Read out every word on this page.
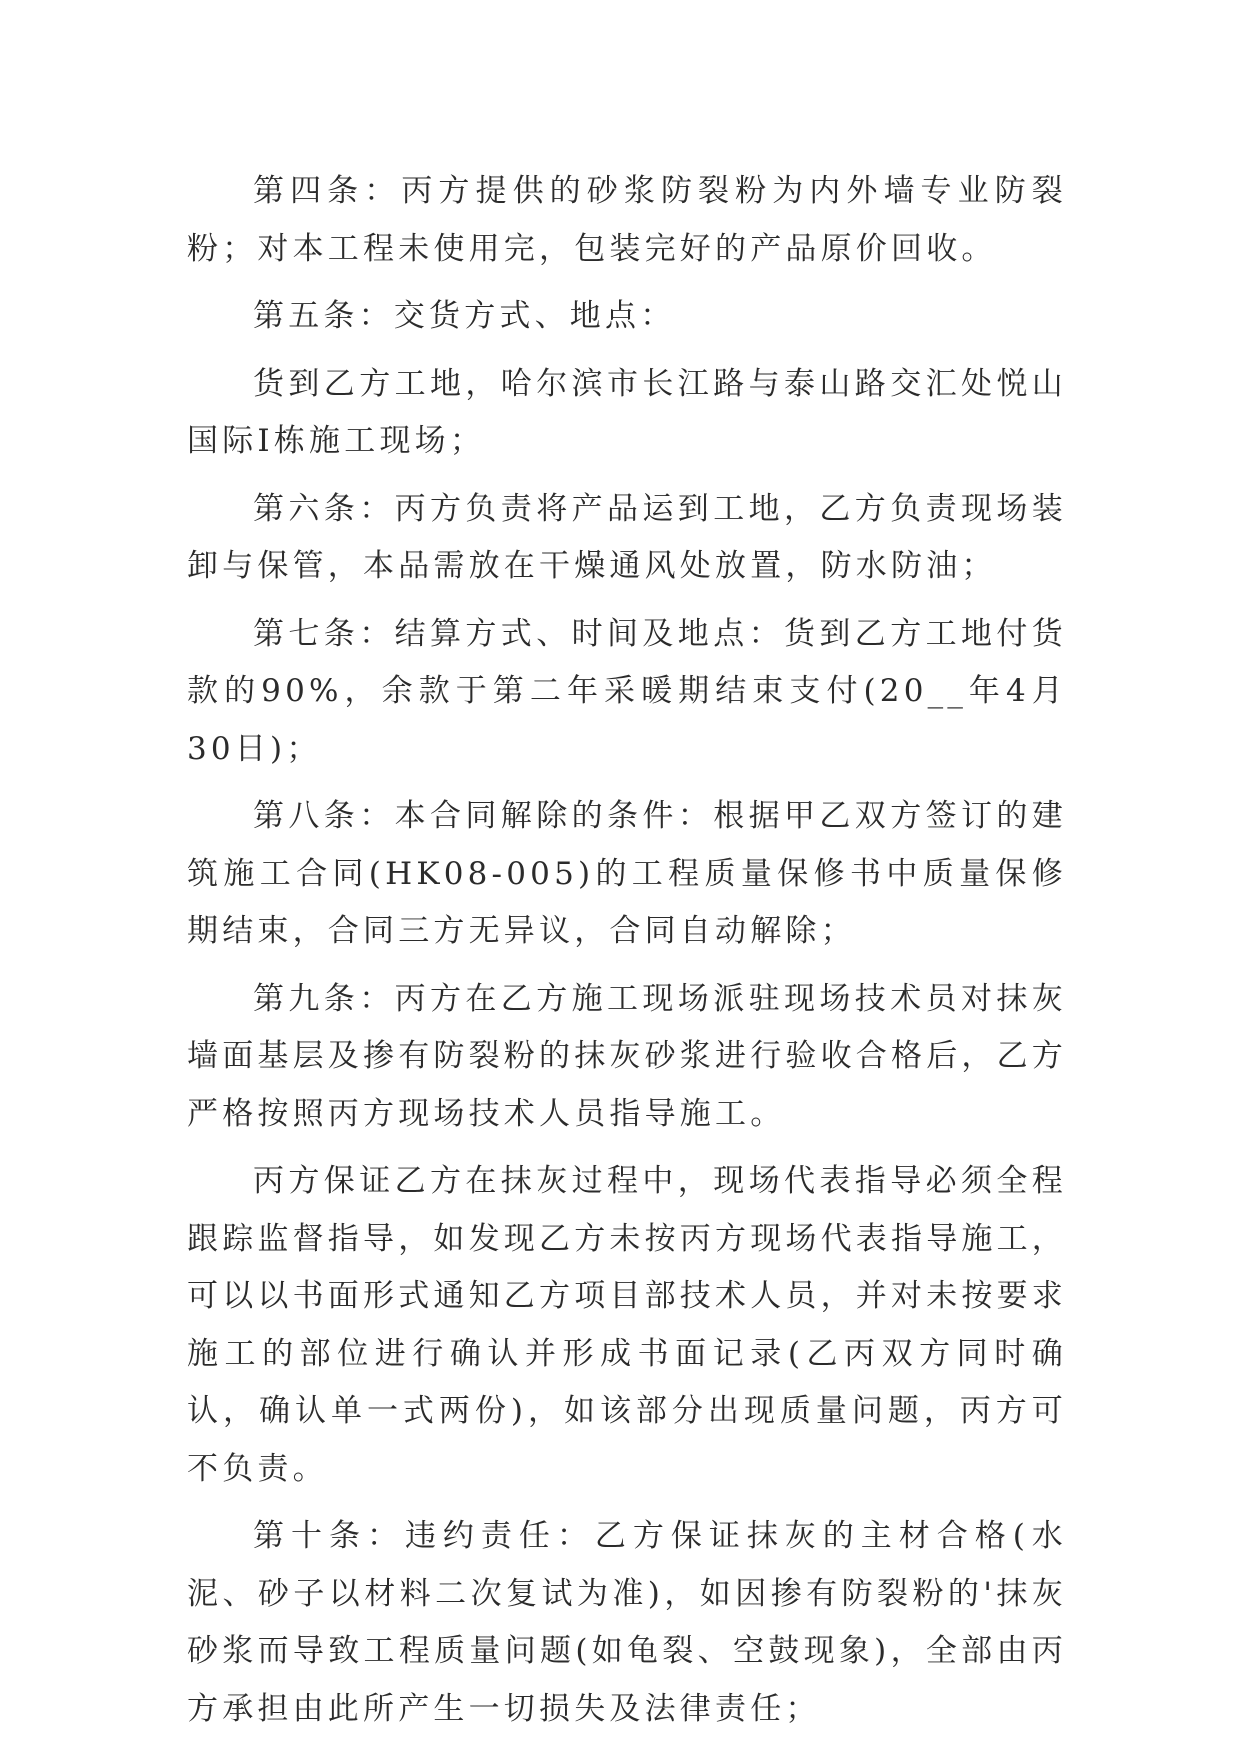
第四条：丙方提供的砂浆防裂粉为内外墙专业防裂粉；对本工程未使用完，包装完好的产品原价回收。

第五条：交货方式、地点：

货到乙方工地，哈尔滨市长江路与泰山路交汇处悦山国际Ⅰ栋施工现场；

第六条：丙方负责将产品运到工地，乙方负责现场装卸与保管，本品需放在干燥通风处放置，防水防油；

第七条：结算方式、时间及地点：货到乙方工地付货款的90%，余款于第二年采暖期结束支付(20__年4月30日)；

第八条：本合同解除的条件：根据甲乙双方签订的建筑施工合同(HK08-005)的工程质量保修书中质量保修期结束，合同三方无异议，合同自动解除；

第九条：丙方在乙方施工现场派驻现场技术员对抹灰墙面基层及掺有防裂粉的抹灰砂浆进行验收合格后，乙方严格按照丙方现场技术人员指导施工。

丙方保证乙方在抹灰过程中，现场代表指导必须全程跟踪监督指导，如发现乙方未按丙方现场代表指导施工，可以以书面形式通知乙方项目部技术人员，并对未按要求施工的部位进行确认并形成书面记录(乙丙双方同时确认，确认单一式两份)，如该部分出现质量问题，丙方可不负责。

第十条：违约责任：乙方保证抹灰的主材合格(水泥、砂子以材料二次复试为准)，如因掺有防裂粉的'抹灰砂浆而导致工程质量问题(如龟裂、空鼓现象)，全部由丙方承担由此所产生一切损失及法律责任；
